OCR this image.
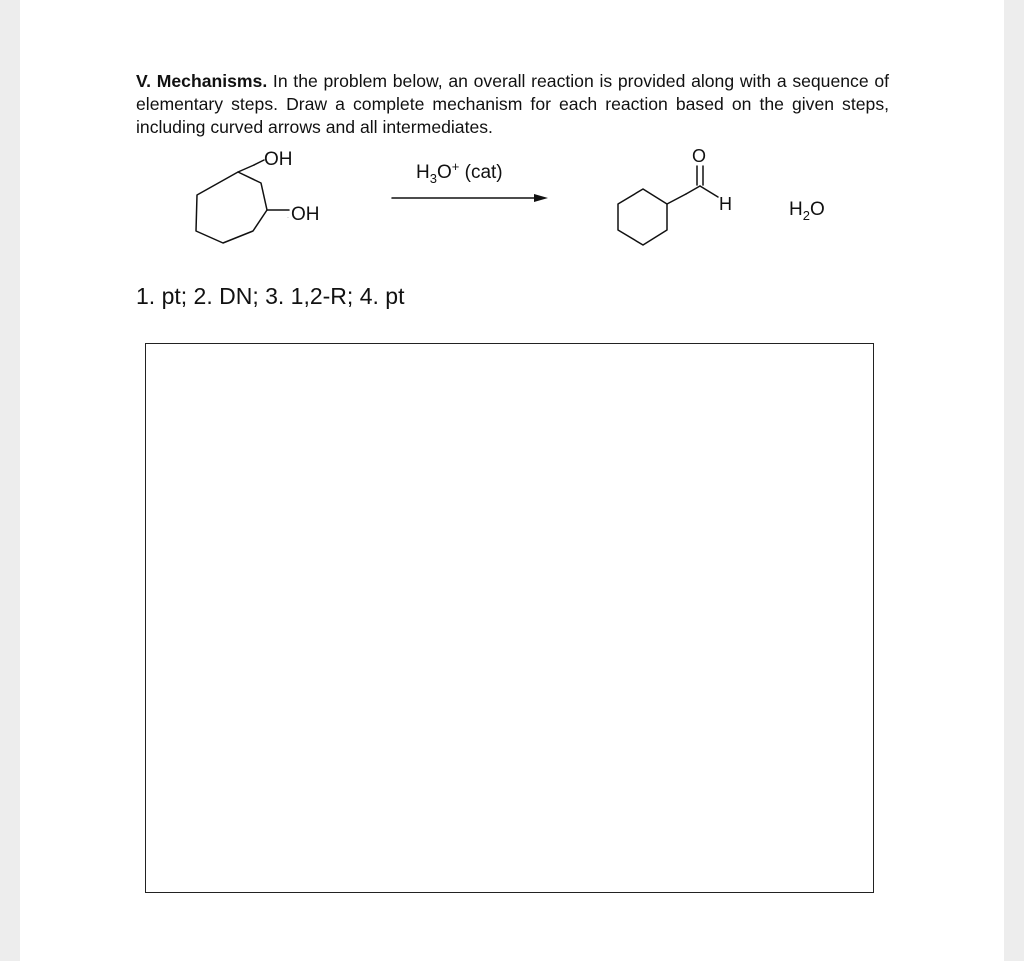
V. Mechanisms. In the problem below, an overall reaction is provided along with a sequence of elementary steps. Draw a complete mechanism for each reaction based on the given steps, including curved arrows and all intermediates.
OH
-OH OH
$H_3O^+$ (cat)
O
H	$H_2O$
1. pt; 2. DN; 3. 1,2-R; 4. pt
